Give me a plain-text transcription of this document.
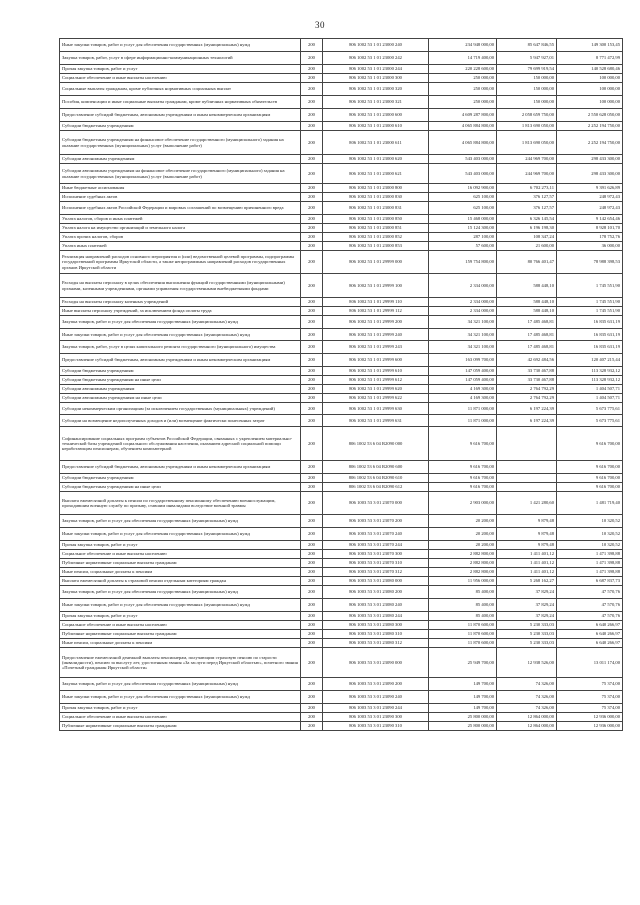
30
Иные закупки товаров, работ и услуг для обеспечения государственных (муниципальных) нужд	200	806 1002 53 1 01 23000 240	234 948 000,00	85 647 846,55	149 300 153,45
Закупка товаров, работ, услуг в сфере информационно-коммуникационных технологий	200	806 1002 53 1 01 23000 242	14 719 400,00	5 947 927,01	8 771 472,99
Прочая закупка товаров, работ и услуг	200	806 1002 53 1 01 23000 244	220 228 600,00	79 699 919,54	140 528 680,46
Социальное обеспечение и иные выплаты населению	200	806 1002 53 1 01 23000 300	250 000,00	150 000,00	100 000,00
Социальные выплаты гражданам, кроме публичных нормативных социальных выплат	200	806 1002 53 1 01 23000 320	250 000,00	150 000,00	100 000,00
Пособия, компенсации и иные социальные выплаты гражданам, кроме публичных нормативных обязательств	200	806 1002 53 1 01 23000 321	250 000,00	150 000,00	100 000,00
Предоставление субсидий бюджетным, автономным учреждениям и иным некоммерческим организациям	200	806 1002 53 1 01 23000 600	4 609 287 800,00	2 058 659 750,00	2 550 628 050,00
Субсидии бюджетным учреждениям	200	806 1002 53 1 01 23000 610	4 065 884 800,00	1 813 690 050,00	2 252 194 750,00
Субсидии бюджетным учреждениям на финансовое обеспечение государственного (муниципального) задания на оказание государственных (муниципальных) услуг (выполнение работ)	200	806 1002 53 1 01 23000 611	4 065 884 800,00	1 813 690 050,00	2 252 194 750,00
Субсидии автономным учреждениям	200	806 1002 53 1 01 23000 620	543 403 000,00	244 969 700,00	298 433 300,00
Субсидии автономным учреждениям на финансовое обеспечение государственного (муниципального) задания на оказание государственных (муниципальных) услуг (выполнение работ)	200	806 1002 53 1 01 23000 621	543 403 000,00	244 969 700,00	298 433 300,00
Иные бюджетные ассигнования	200	806 1002 53 1 01 23000 800	16 092 900,00	6 702 273,11	9 391 626,89
Исполнение судебных актов	200	806 1002 53 1 01 23000 830	625 100,00	376 127,57	248 972,43
Исполнение судебных актов Российской Федерации и мировых соглашений по возмещению причиненного вреда	200	806 1002 53 1 01 23000 831	625 100,00	376 127,57	248 972,43
Уплата налогов, сборов и иных платежей	200	806 1002 53 1 01 23000 850	15 468 000,00	6 326 145,54	9 142 654,46
Уплата налога на имущество организаций и земельного налога	200	806 1002 53 1 01 23000 851	15 124 300,00	6 196 198,30	8 928 101,70
Уплата прочих налогов, сборов	200	806 1002 53 1 01 23000 852	287 100,00	108 347,24	178 752,76
Уплата иных платежей	200	806 1002 53 1 01 23000 853	57 600,00	21 600,00	36 000,00
Реализация направлений расходов основного мероприятия и (или) ведомственной целевой программы, подпрограммы государственной программы Иркутской области, а также непрограммных направлений расходов государственных органов Иркутской области	200	806 1002 53 1 01 29999 000	159 754 800,00	80 766 401,47	78 988 398,53
Расходы на выплаты персоналу в целях обеспечения выполнения функций государственными (муниципальными) органами, казенными учреждениями, органами управления государственными внебюджетными фондами	200	806 1002 53 1 01 29999 100	2 334 000,00	588 448,10	1 745 551,90
Расходы на выплаты персоналу казенных учреждений	200	806 1002 53 1 01 29999 110	2 334 000,00	588 448,10	1 745 551,90
Иные выплаты персоналу учреждений, за исключением фонда оплаты труда	200	806 1002 53 1 01 29999 112	2 334 000,00	588 448,10	1 745 551,90
Закупка товаров, работ и услуг для обеспечения государственных (муниципальных) нужд	200	806 1002 53 1 01 29999 200	34 321 100,00	17 485 468,81	16 835 631,19
Иные закупки товаров, работ и услуг для обеспечения государственных (муниципальных) нужд	200	806 1002 53 1 01 29999 240	34 321 100,00	17 485 468,81	16 835 631,19
Закупка товаров, работ, услуг в целях капитального ремонта государственного (муниципального) имущества	200	806 1002 53 1 01 29999 243	34 321 100,00	17 485 468,81	16 835 631,19
Предоставление субсидий бюджетным, автономным учреждениям и иным некоммерческим организациям	200	806 1002 53 1 01 29999 600	163 099 700,00	42 692 484,56	120 407 215,44
Субсидии бюджетным учреждениям	200	806 1002 53 1 01 29999 610	147 059 400,00	33 730 467,88	113 328 932,12
Субсидии бюджетным учреждениям на иные цели	200	806 1002 53 1 01 29999 612	147 059 400,00	33 730 467,88	113 328 932,12
Субсидии автономным учреждениям	200	806 1002 53 1 01 29999 620	4 169 300,00	2 764 792,29	1 404 507,71
Субсидии автономным учреждениям на иные цели	200	806 1002 53 1 01 29999 622	4 169 300,00	2 764 792,29	1 404 507,71
Субсидии некоммерческим организациям (за исключением государственных (муниципальных) учреждений)	200	806 1002 53 1 01 29999 630	11 871 000,00	6 197 224,39	5 673 775,61
Субсидии на возмещение недополученных доходов и (или) возмещение фактически понесенных затрат	200	806 1002 53 1 01 29999 631	11 871 000,00	6 197 224,39	5 673 775,61
Софинансирование социальных программ субъектов Российской Федерации, связанных с укреплением материально-технической базы учреждений социального обслуживания населения, оказанием адресной социальной помощи неработающим пенсионерам, обучением компьютерной	200	806 1002 53 6 04 R2090 000	9 616 700,00		9 616 700,00
Предоставление субсидий бюджетным, автономным учреждениям и иным некоммерческим организациям	200	806 1002 53 6 04 R2090 600	9 616 700,00		9 616 700,00
Субсидии бюджетным учреждениям	200	806 1002 53 6 04 R2090 610	9 616 700,00		9 616 700,00
Субсидии бюджетным учреждениям на иные цели	200	806 1002 53 6 04 R2090 612	9 616 700,00		9 616 700,00
Выплата ежемесячной доплаты к пенсии по государственному пенсионному обеспечению военнослужащим, проходившим военную службу по призыву, ставшим инвалидами вследствие военной травмы	200	806 1003 53 3 01 23070 000	2 903 000,00	1 421 280,60	1 481 719,40
Закупка товаров, работ и услуг для обеспечения государственных (муниципальных) нужд	200	806 1003 53 3 01 23070 200	20 200,00	9 879,48	10 320,52
Иные закупки товаров, работ и услуг для обеспечения государственных (муниципальных) нужд	200	806 1003 53 3 01 23070 240	20 200,00	9 879,48	10 320,52
Прочая закупка товаров, работ и услуг	200	806 1003 53 3 01 23070 244	20 200,00	9 879,48	10 320,52
Социальное обеспечение и иные выплаты населению	200	806 1003 53 3 01 23070 300	2 882 800,00	1 411 401,12	1 471 398,88
Публичные нормативные социальные выплаты гражданам	200	806 1003 53 3 01 23070 310	2 882 800,00	1 411 401,12	1 471 398,88
Иные пенсии, социальные доплаты к пенсиям	200	806 1003 53 3 01 23070 312	2 882 800,00	1 411 401,12	1 471 398,88
Выплата ежемесячной доплаты к страховой пенсии отдельным категориям граждан	200	806 1003 53 3 01 23080 000	11 956 000,00	5 268 162,27	6 687 837,73
Закупка товаров, работ и услуг для обеспечения государственных (муниципальных) нужд	200	806 1003 53 3 01 23080 200	85 400,00	37 829,24	47 570,76
Иные закупки товаров, работ и услуг для обеспечения государственных (муниципальных) нужд	200	806 1003 53 3 01 23080 240	85 400,00	37 829,24	47 570,76
Прочая закупка товаров, работ и услуг	200	806 1003 53 3 01 23080 244	85 400,00	37 829,24	47 570,76
Социальное обеспечение и иные выплаты населению	200	806 1003 53 3 01 23080 300	11 870 600,00	5 230 333,03	6 640 266,97
Публичные нормативные социальные выплаты гражданам	200	806 1003 53 3 01 23080 310	11 870 600,00	5 230 333,03	6 640 266,97
Иные пенсии, социальные доплаты к пенсиям	200	806 1003 53 3 01 23080 312	11 870 600,00	5 230 333,03	6 640 266,97
Предоставление ежемесячной денежной выплаты пенсионерам, получающим страховую пенсию по старости (инвалидности), пенсию за выслугу лет, удостоенным звания «За заслуги перед Иркутской областью», почетного звания «Почетный гражданин Иркутской области»	200	806 1003 53 3 01 23090 000	25 949 700,00	12 938 526,00	13 011 174,00
Закупка товаров, работ и услуг для обеспечения государственных (муниципальных) нужд	200	806 1003 53 3 01 23090 200	149 700,00	74 326,00	75 374,00
Иные закупки товаров, работ и услуг для обеспечения государственных (муниципальных) нужд	200	806 1003 53 3 01 23090 240	149 700,00	74 326,00	75 374,00
Прочая закупка товаров, работ и услуг	200	806 1003 53 3 01 23090 244	149 700,00	74 326,00	75 374,00
Социальное обеспечение и иные выплаты населению	200	806 1003 53 3 01 23090 300	25 800 000,00	12 864 000,00	12 936 000,00
Публичные нормативные социальные выплаты гражданам	200	806 1003 53 3 01 23090 310	25 800 000,00	12 864 000,00	12 936 000,00
